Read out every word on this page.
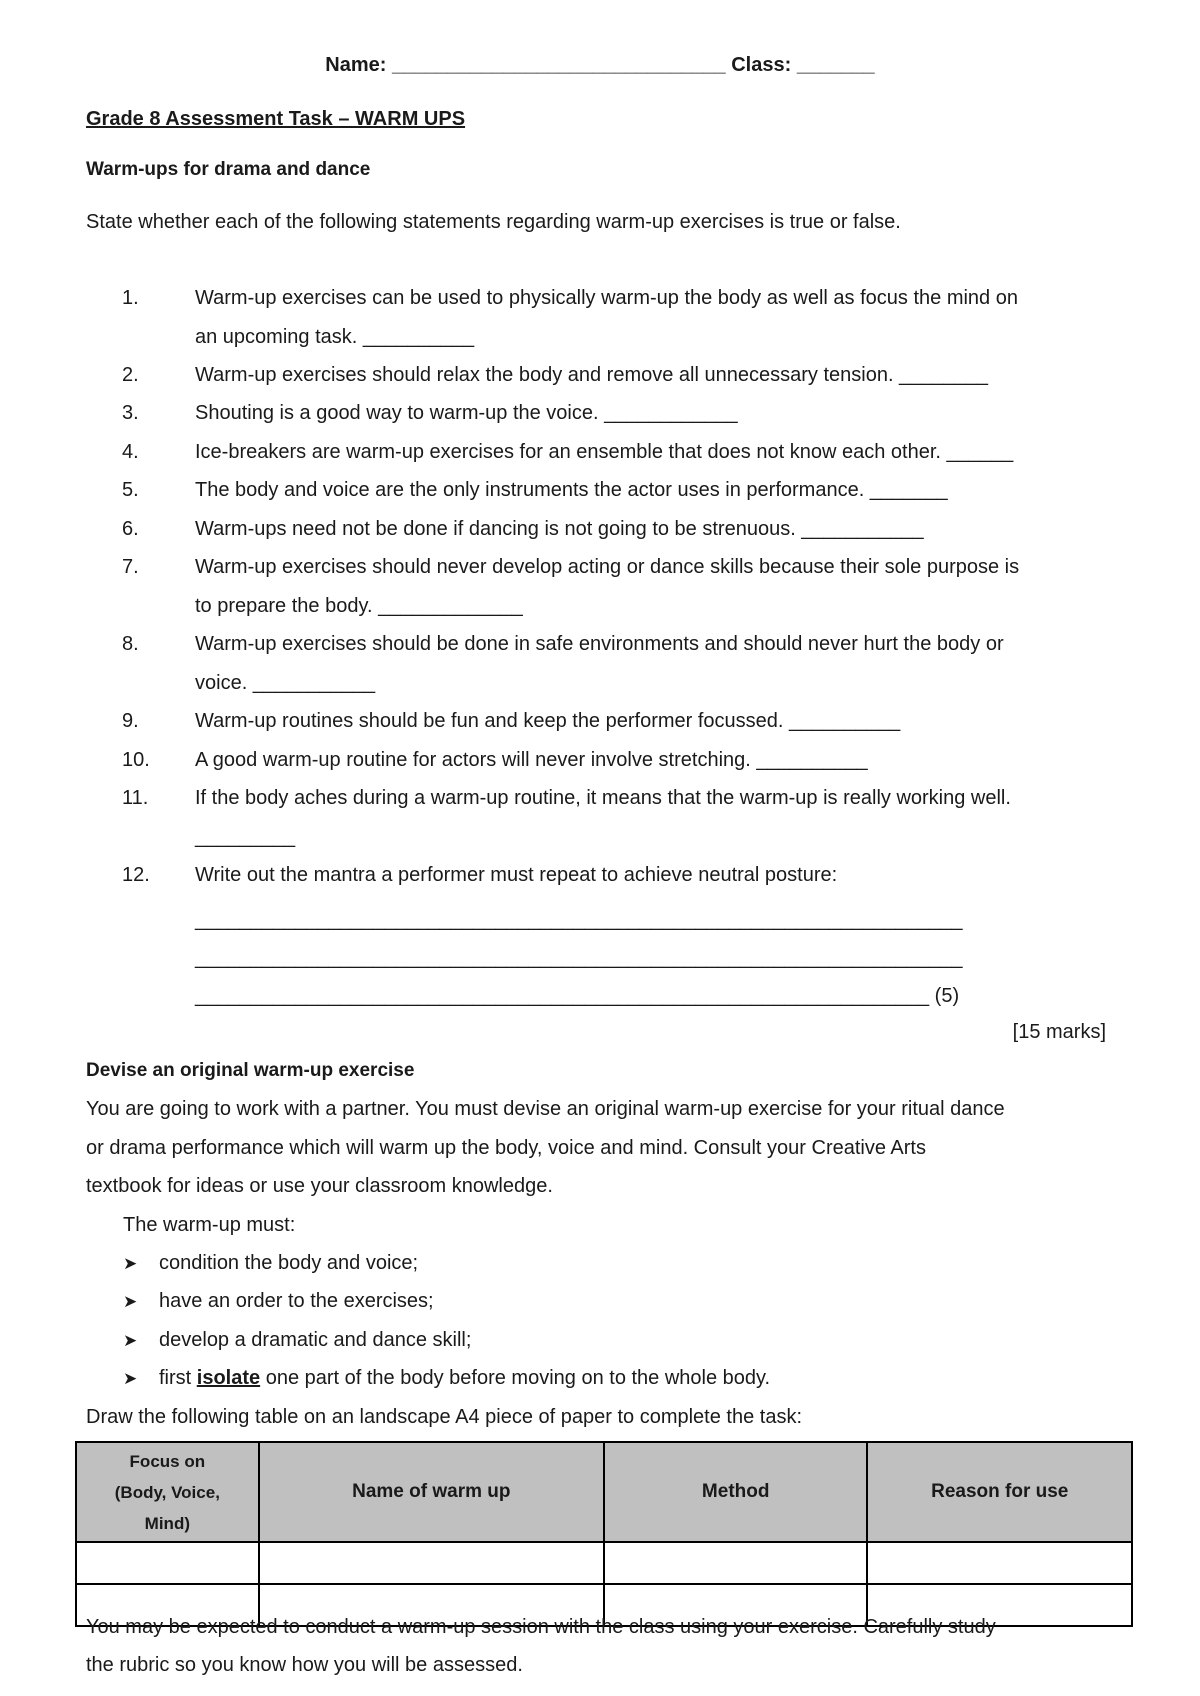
Name: ______________________________ Class: _______
Grade 8 Assessment Task – WARM UPS
Warm-ups for drama and dance
State whether each of the following statements regarding warm-up exercises is true or false.
1.	Warm-up exercises can be used to physically warm-up the body as well as focus the mind on
an upcoming task. __________
2.	Warm-up exercises should relax the body and remove all unnecessary tension. ________
3.	Shouting is a good way to warm-up the voice. ____________
4.	Ice-breakers are warm-up exercises for an ensemble that does not know each other. ______
5.	The body and voice are the only instruments the actor uses in performance. _______
6.	Warm-ups need not be done if dancing is not going to be strenuous. ___________
7.	Warm-up exercises should never develop acting or dance skills because their sole purpose is
to prepare the body. _____________
8.	Warm-up exercises should be done in safe environments and should never hurt the body or
voice. ___________
9.	Warm-up routines should be fun and keep the performer focussed. __________
10.	A good warm-up routine for actors will never involve stretching. __________
11.	If the body aches during a warm-up routine, it means that the warm-up is really working well.
_________
12.	Write out the mantra a performer must repeat to achieve neutral posture:
_____________________________________________________________________
_____________________________________________________________________
__________________________________________________________________ (5)
[15 marks]
Devise an original warm-up exercise
You are going to work with a partner. You must devise an original warm-up exercise for your ritual dance
or drama performance which will warm up the body, voice and mind. Consult your Creative Arts
textbook for ideas or use your classroom knowledge.
The warm-up must:
➤ condition the body and voice;
➤ have an order to the exercises;
➤ develop a dramatic and dance skill;
➤ first isolate one part of the body before moving on to the whole body.
Draw the following table on an landscape A4 piece of paper to complete the task:
Focus on
(Body, Voice,
Mind)	Name of warm up	Method	Reason for use

You may be expected to conduct a warm-up session with the class using your exercise. Carefully study
the rubric so you know how you will be assessed.
